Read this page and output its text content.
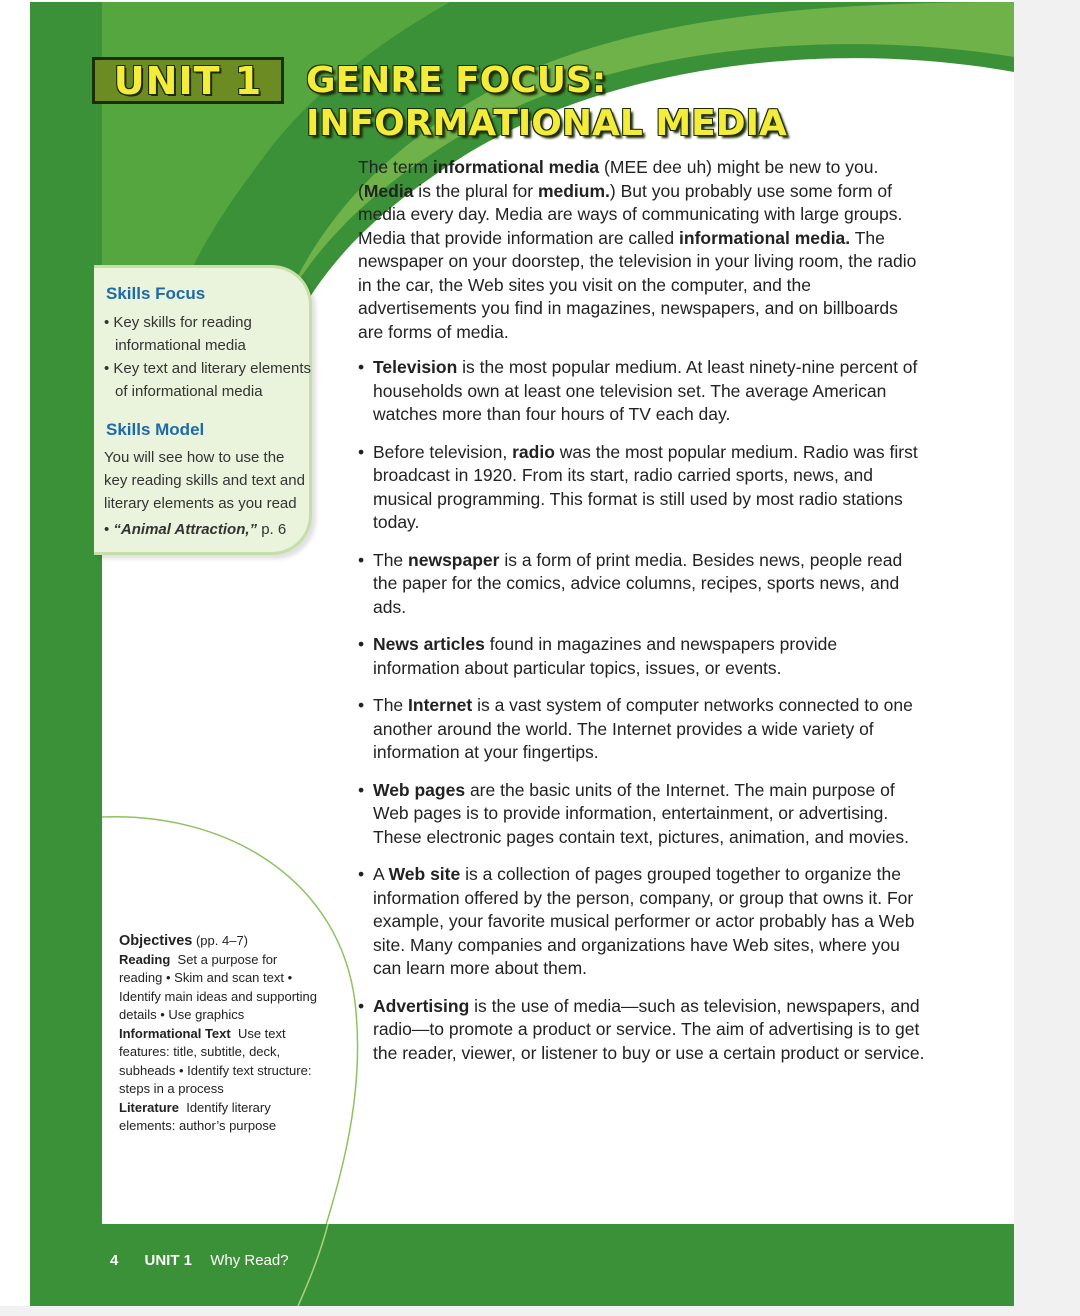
4 UNIT 1 Why Read?
UNIT 1	GENRE FOCUS:
INFORMATIONAL MEDIA
Skills Focus
• Key skills for reading informational media
• Key text and literary elements of informational media
Skills Model
You will see how to use the key reading skills and text and literary elements as you read
• “Animal Attraction,” p. 6
Objectives (pp. 4–7)
Reading Set a purpose for reading • Skim and scan text • Identify main ideas and supporting details • Use graphics
Informational Text Use text features: title, subtitle, deck, subheads • Identify text structure: steps in a process
Literature Identify literary elements: author’s purpose

The term informational media (MEE dee uh) might be new to you. (Media is the plural for medium.) But you probably use some form of media every day. Media are ways of communicating with large groups. Media that provide information are called informational media. The newspaper on your doorstep, the television in your living room, the radio in the car, the Web sites you visit on the computer, and the advertisements you find in magazines, newspapers, and on billboards are forms of media.

• Television is the most popular medium. At least ninety-nine percent of households own at least one television set. The average American watches more than four hours of TV each day.
• Before television, radio was the most popular medium. Radio was first broadcast in 1920. From its start, radio carried sports, news, and musical programming. This format is still used by most radio stations today.
• The newspaper is a form of print media. Besides news, people read the paper for the comics, advice columns, recipes, sports news, and ads.
• News articles found in magazines and newspapers provide information about particular topics, issues, or events.
• The Internet is a vast system of computer networks connected to one another around the world. The Internet provides a wide variety of information at your fingertips.
• Web pages are the basic units of the Internet. The main purpose of Web pages is to provide information, entertainment, or advertising. These electronic pages contain text, pictures, animation, and movies.
• A Web site is a collection of pages grouped together to organize the information offered by the person, company, or group that owns it. For example, your favorite musical performer or actor probably has a Web site. Many companies and organizations have Web sites, where you can learn more about them.
• Advertising is the use of media—such as television, newspapers, and radio—to promote a product or service. The aim of advertising is to get the reader, viewer, or listener to buy or use a certain product or service.
